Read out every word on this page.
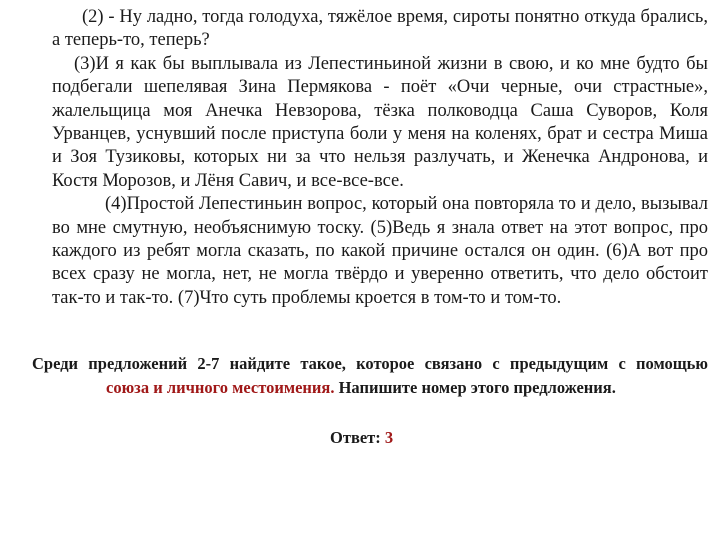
(2) - Ну ладно, тогда голодуха, тяжёлое время, сироты понятно откуда брались, а теперь-то, теперь?

(3)И я как бы выплывала из Лепестиньиной жизни в свою, и ко мне будто бы подбегали шепелявая Зина Пермякова - поёт «Очи черные, очи страстные», жалельщица моя Анечка Невзорова, тёзка полководца Саша Суворов, Коля Урванцев, уснувший после приступа боли у меня на коленях, брат и сестра Миша и Зоя Тузиковы, которых ни за что нельзя разлучать, и Женечка Андронова, и Костя Морозов, и Лёня Савич, и все-все-все.

(4)Простой Лепестиньин вопрос, который она повторяла то и дело, вызывал во мне смутную, необъяснимую тоску. (5)Ведь я знала ответ на этот вопрос, про каждого из ребят могла сказать, по какой причине остался он один. (6)А вот про всех сразу не могла, нет, не могла твёрдо и уверенно ответить, что дело обстоит так-то и так-то. (7)Что суть проблемы кроется в том-то и том-то.

Среди предложений 2-7 найдите такое, которое связано с предыдущим с помощью
союза и личного местоимения. Напишите номер этого предложения.
Ответ: 3
